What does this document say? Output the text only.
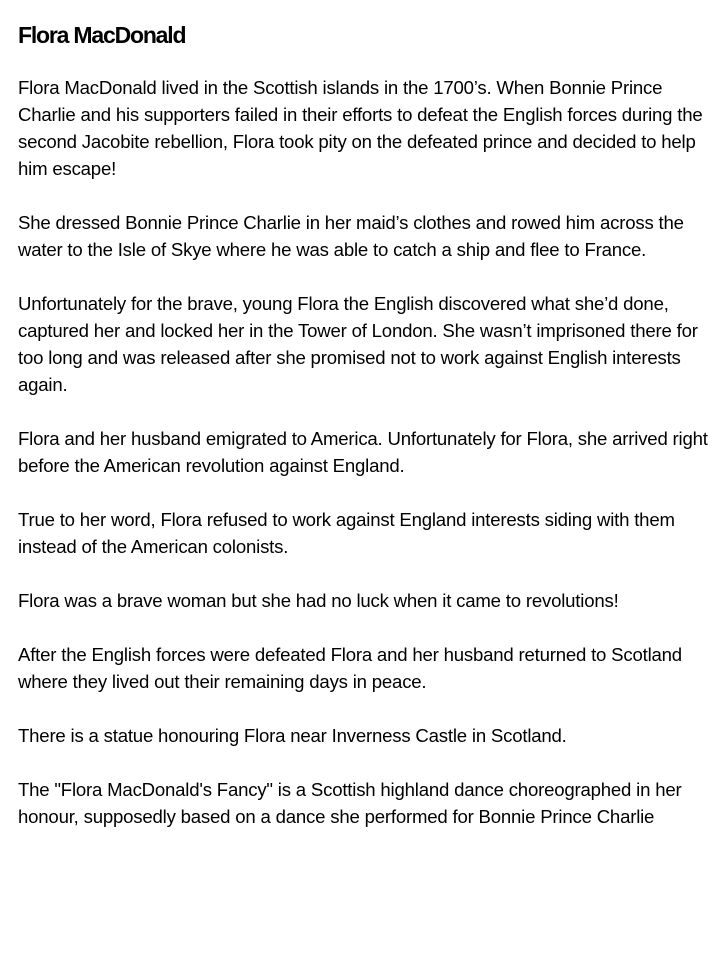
Flora MacDonald

Flora MacDonald lived in the Scottish islands in the 1700’s. When Bonnie Prince Charlie and his supporters failed in their efforts to defeat the English forces during the second Jacobite rebellion, Flora took pity on the defeated prince and decided to help him escape!

She dressed Bonnie Prince Charlie in her maid’s clothes and rowed him across the water to the Isle of Skye where he was able to catch a ship and flee to France.

Unfortunately for the brave, young Flora the English discovered what she’d done, captured her and locked her in the Tower of London. She wasn’t imprisoned there for too long and was released after she promised not to work against English interests again.

Flora and her husband emigrated to America. Unfortunately for Flora, she arrived right before the American revolution against England.

True to her word, Flora refused to work against England interests siding with them instead of the American colonists.

Flora was a brave woman but she had no luck when it came to revolutions!

After the English forces were defeated Flora and her husband returned to Scotland where they lived out their remaining days in peace.

There is a statue honouring Flora near Inverness Castle in Scotland.

The "Flora MacDonald's Fancy" is a Scottish highland dance choreographed in her honour, supposedly based on a dance she performed for Bonnie Prince Charlie
